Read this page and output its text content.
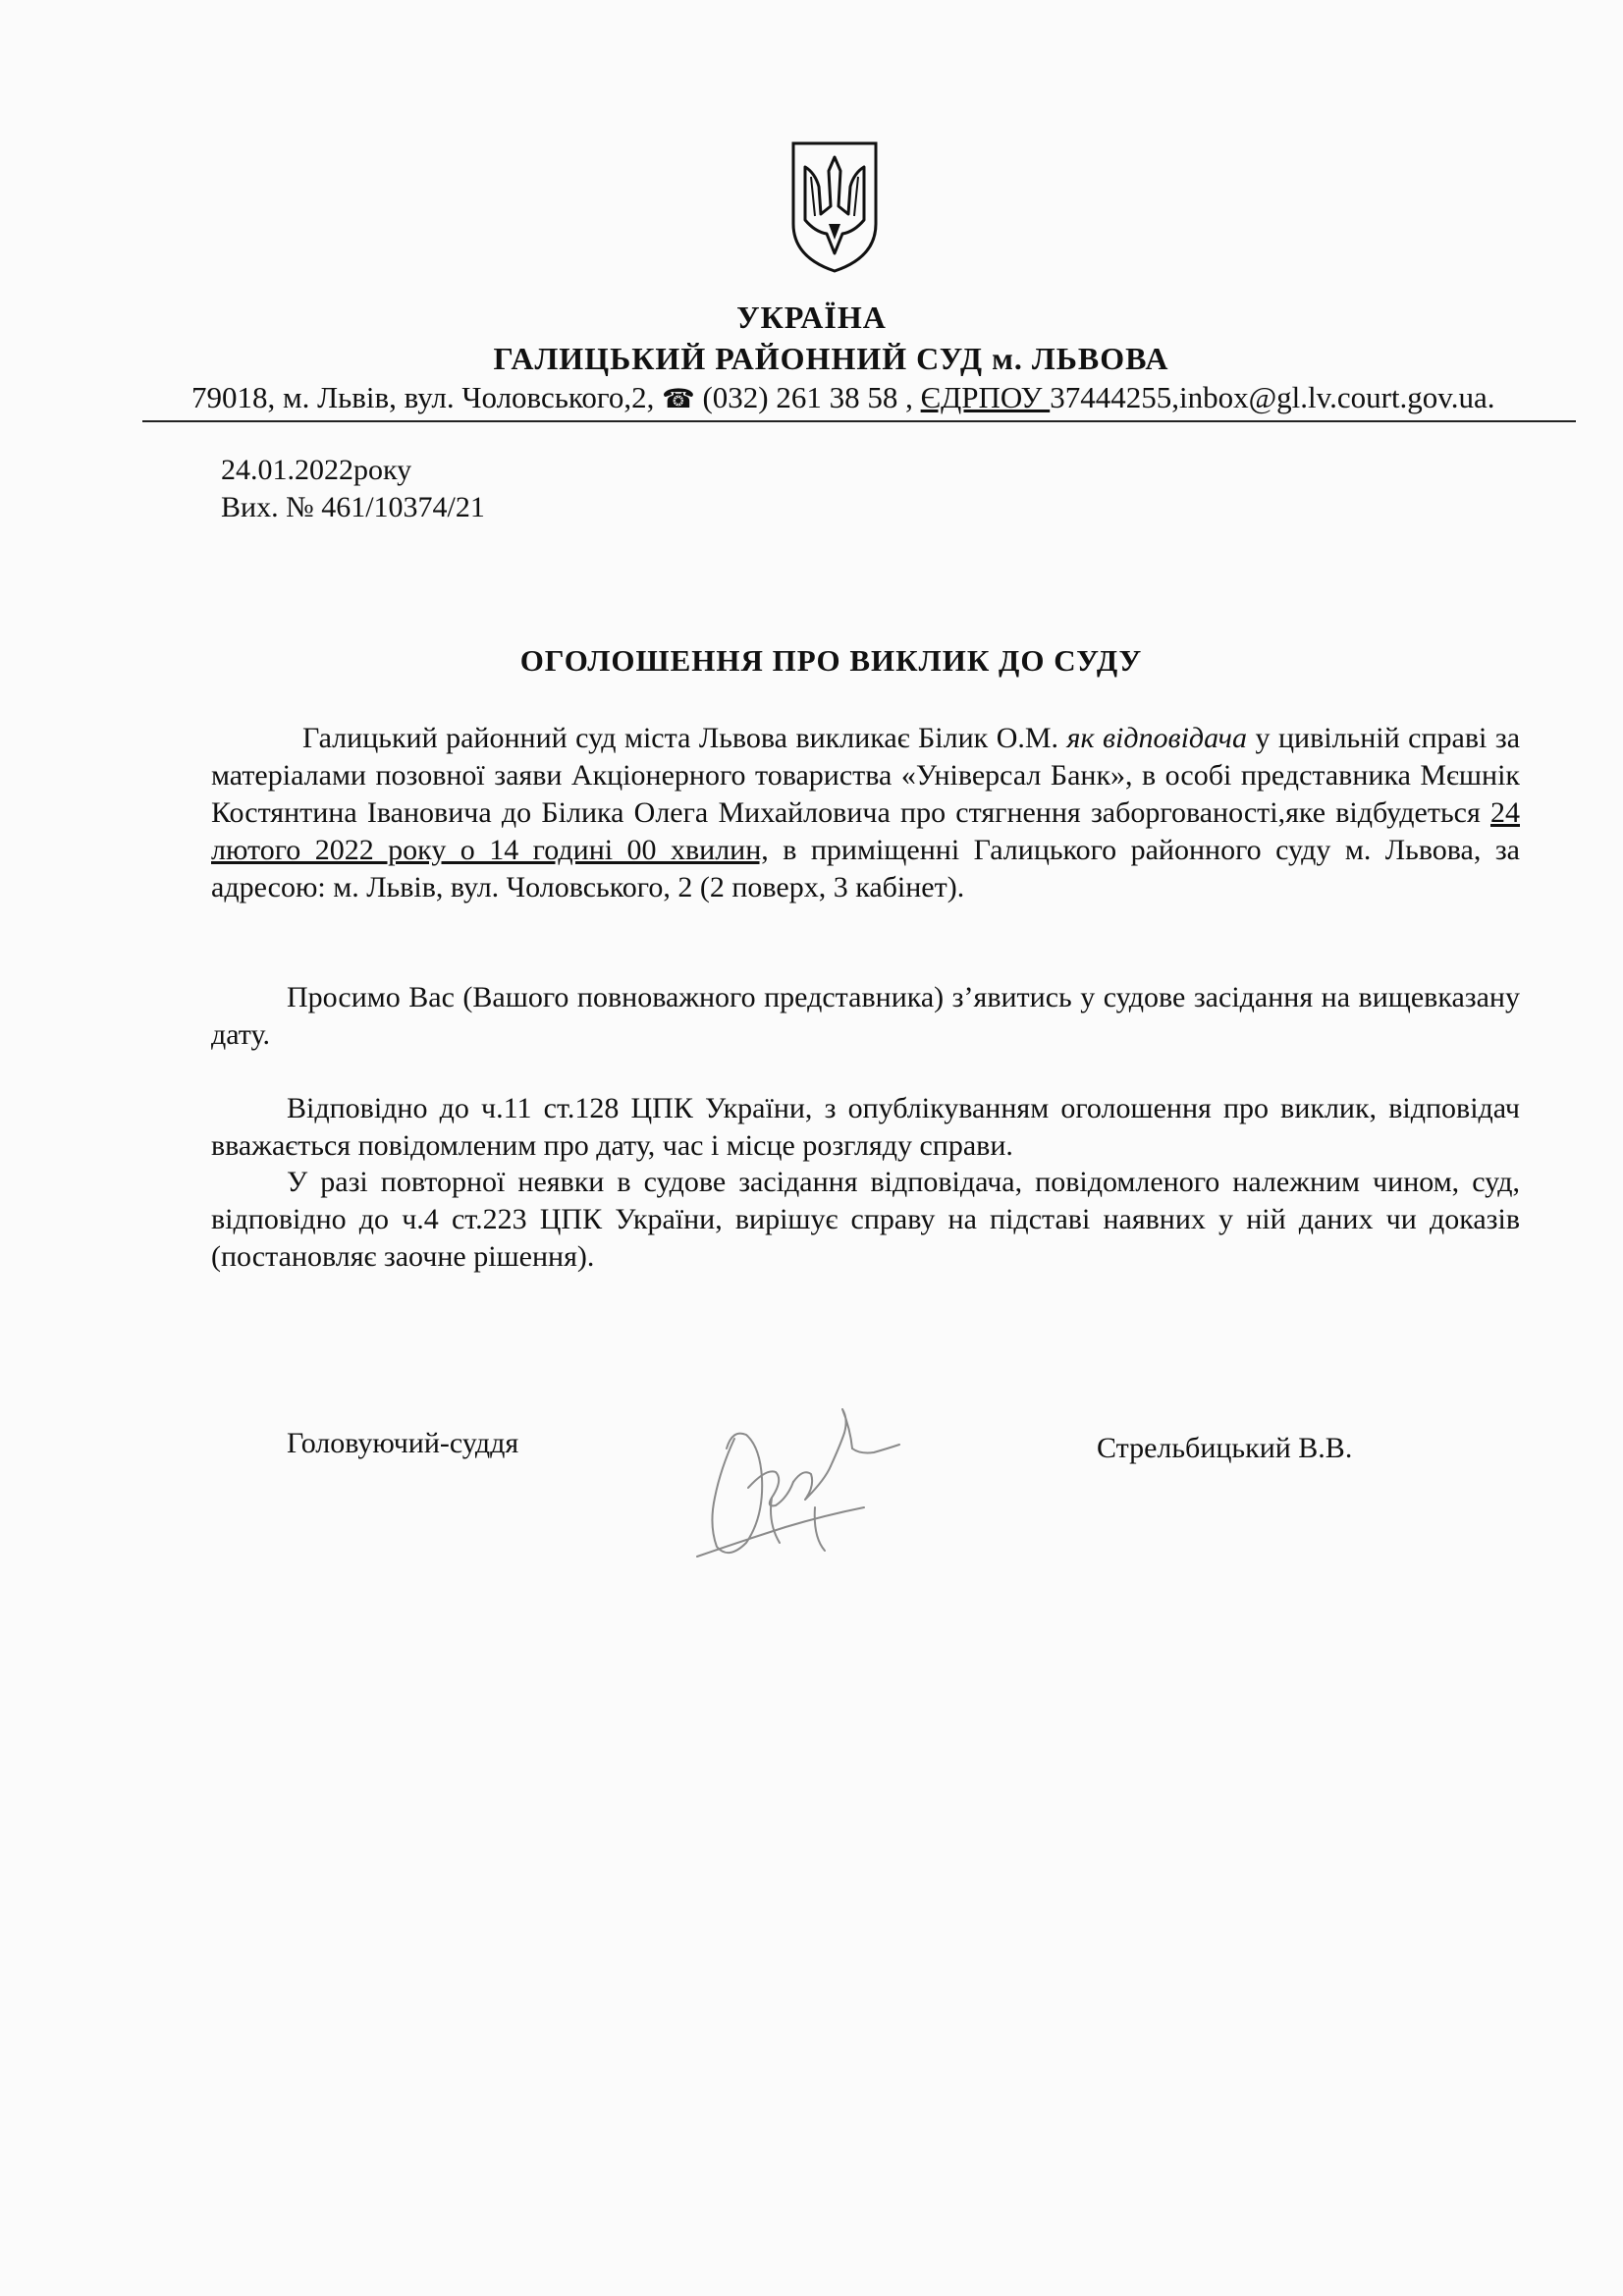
УКРАЇНА
ГАЛИЦЬКИЙ РАЙОННИЙ СУД м. ЛЬВОВА
79018, м. Львів, вул. Чоловського,2, ☎ (032) 261 38 58 , ЄДРПОУ 37444255,inbox@gl.lv.court.gov.ua.
24.01.2022року
Вих. № 461/10374/21
ОГОЛОШЕННЯ ПРО ВИКЛИК ДО СУДУ
Галицький районний суд міста Львова викликає Білик О.М. як відповідача у цивільній справі за матеріалами позовної заяви Акціонерного товариства «Універсал Банк», в особі представника Мєшнік Костянтина Івановича до Білика Олега Михайловича про стягнення заборгованості,яке відбудеться 24 лютого 2022 року о 14 годині 00 хвилин, в приміщенні Галицького районного суду м. Львова, за адресою: м. Львів, вул. Чоловського, 2 (2 поверх, 3 кабінет).
Просимо Вас (Вашого повноважного представника) з’явитись у судове засідання на вищевказану дату.
Відповідно до ч.11 ст.128 ЦПК України, з опублікуванням оголошення про виклик, відповідач вважається повідомленим про дату, час і місце розгляду справи.
У разі повторної неявки в судове засідання відповідача, повідомленого належним чином, суд, відповідно до ч.4 ст.223 ЦПК України, вирішує справу на підставі наявних у ній даних чи доказів (постановляє заочне рішення).
Головуючий-суддя	Стрельбицький В.В.
